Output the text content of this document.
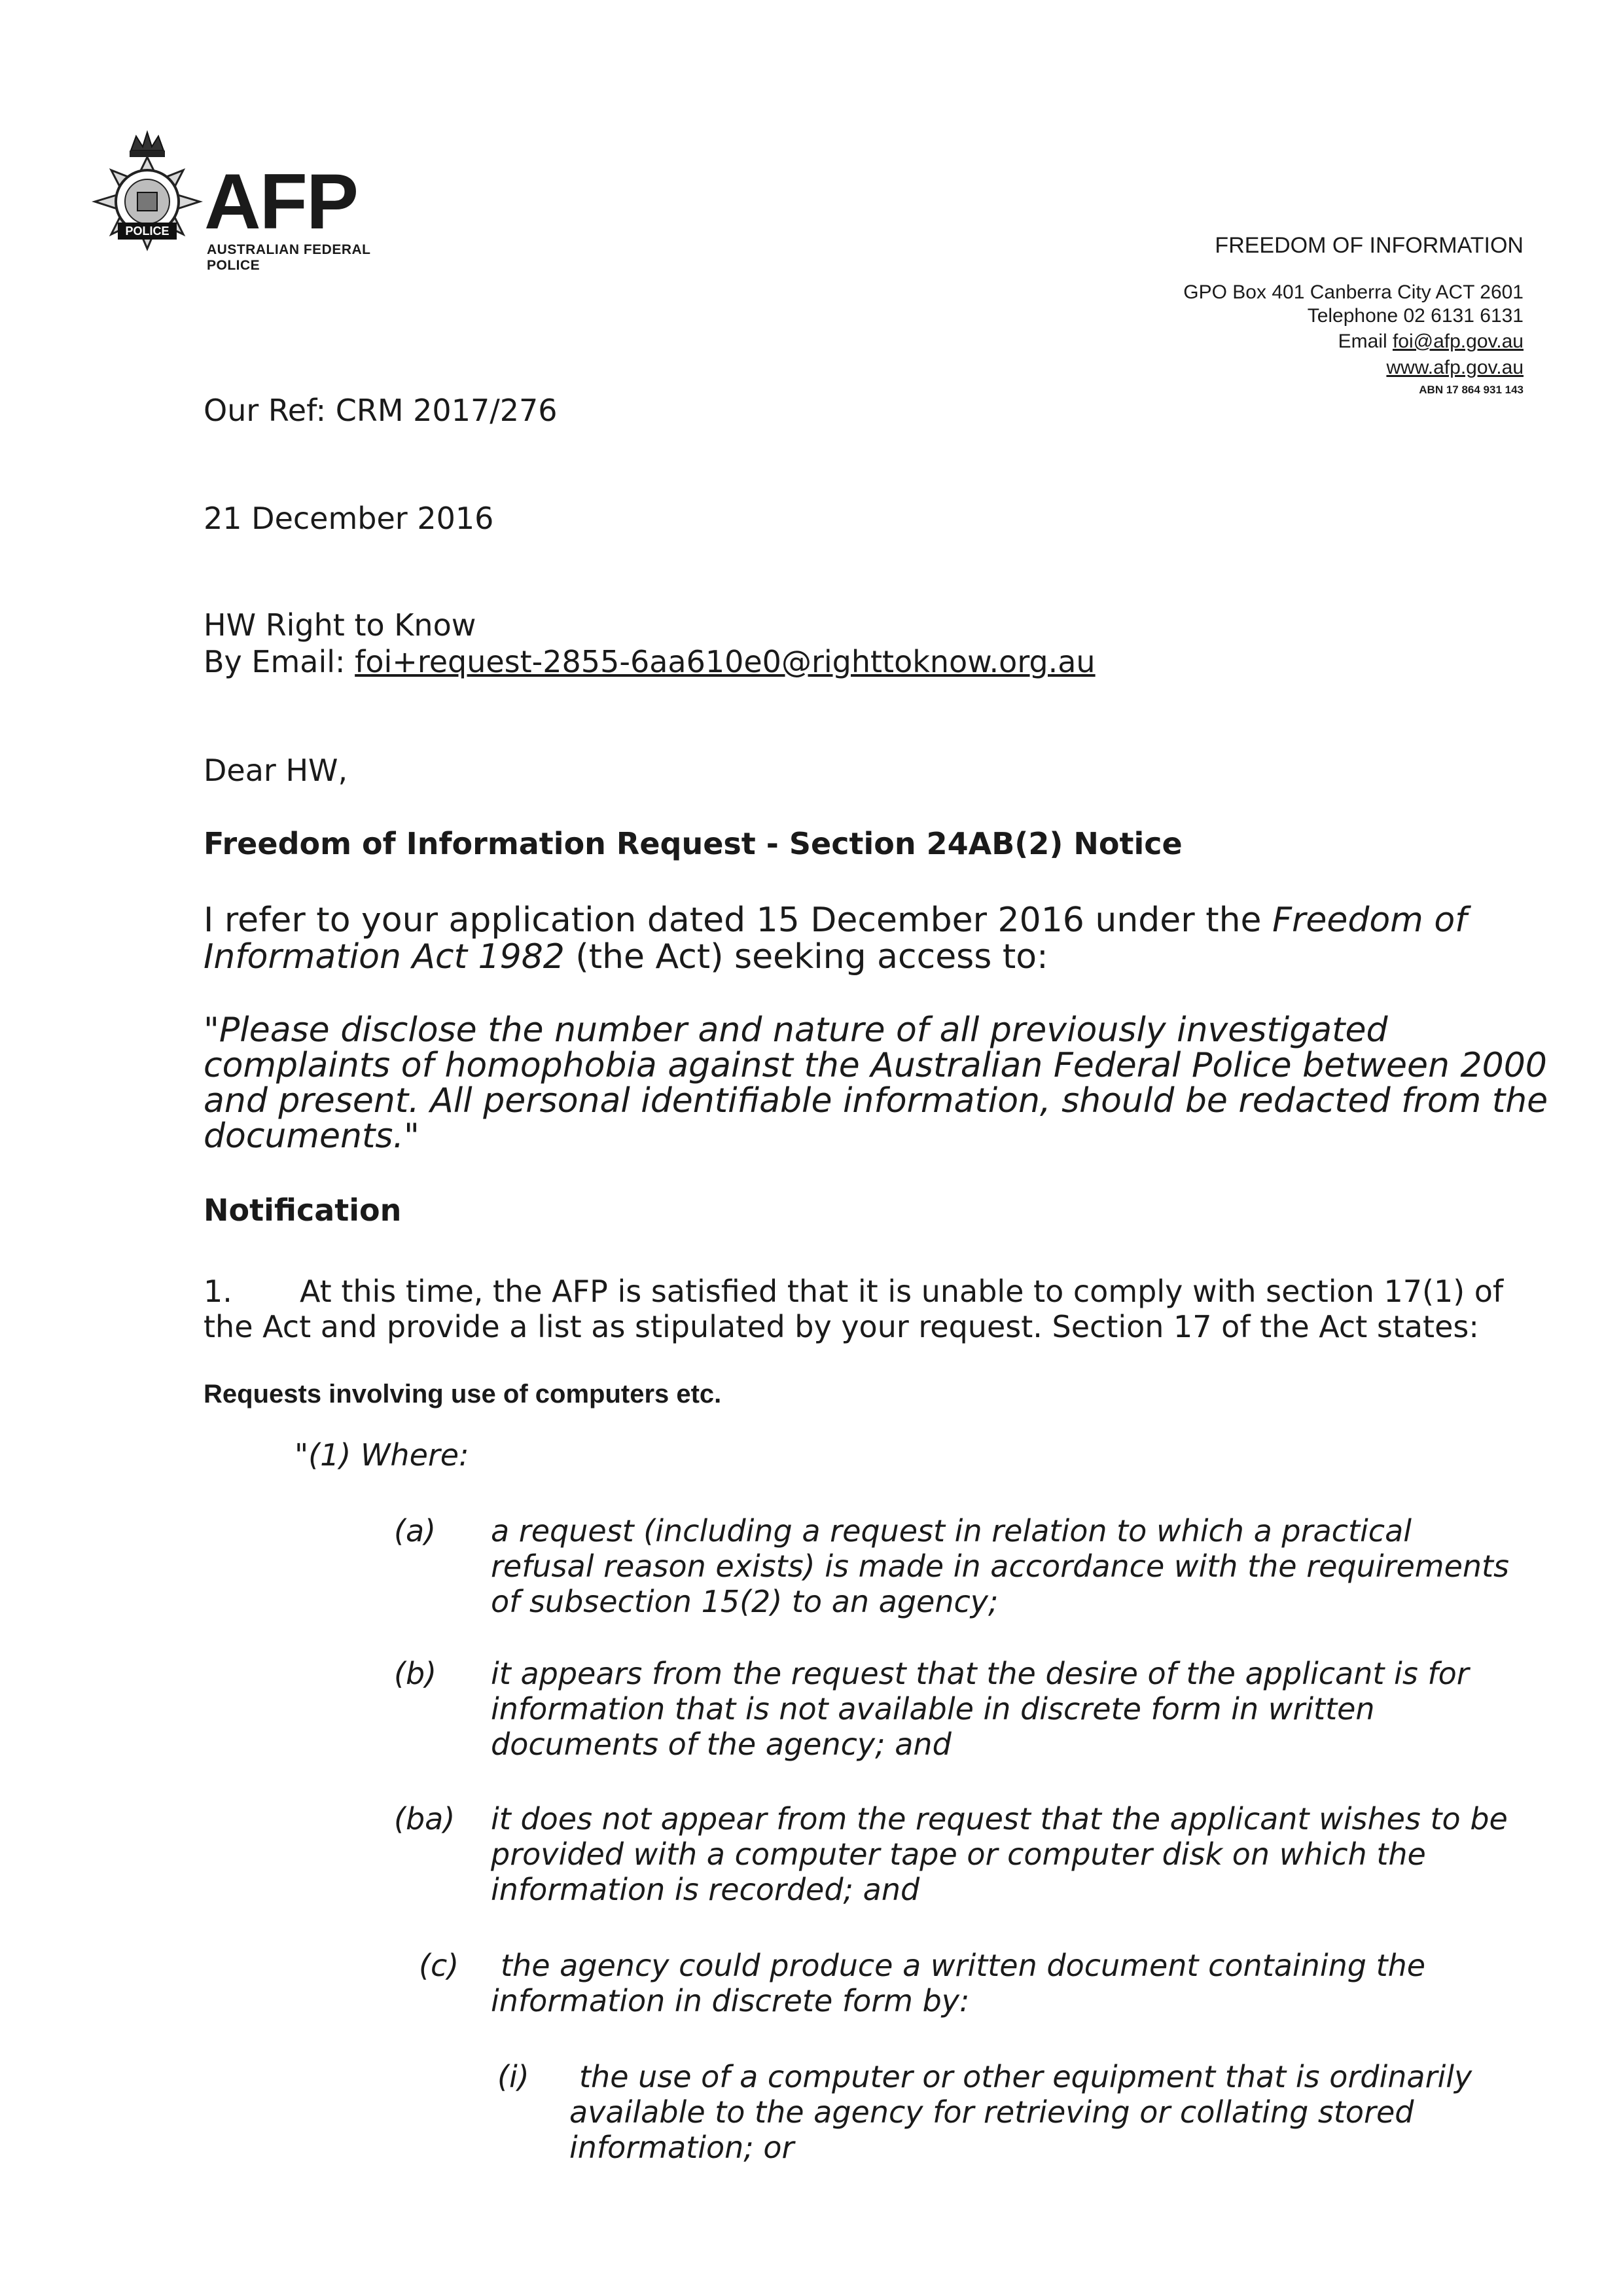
POLICE AFP
AUSTRALIAN FEDERAL POLICE
FREEDOM OF INFORMATION
GPO Box 401 Canberra City ACT 2601
Telephone 02 6131 6131
Email foi@afp.gov.au
www.afp.gov.au
ABN 17 864 931 143
Our Ref: CRM 2017/276
21 December 2016
HW Right to Know
By Email: foi+request-2855-6aa610e0@righttoknow.org.au
Dear HW,
Freedom of Information Request - Section 24AB(2) Notice
I refer to your application dated 15 December 2016 under the Freedom of
Information Act 1982 (the Act) seeking access to:
"Please disclose the number and nature of all previously investigated
complaints of homophobia against the Australian Federal Police between 2000
and present. All personal identifiable information, should be redacted from the
documents."
Notification
1. At this time, the AFP is satisfied that it is unable to comply with section 17(1) of
the Act and provide a list as stipulated by your request. Section 17 of the Act states:
Requests involving use of computers etc.
"(1) Where:
(a) a request (including a request in relation to which a practical
refusal reason exists) is made in accordance with the requirements
of subsection 15(2) to an agency;
(b) it appears from the request that the desire of the applicant is for
information that is not available in discrete form in written
documents of the agency; and
(ba) it does not appear from the request that the applicant wishes to be
provided with a computer tape or computer disk on which the
information is recorded; and
(c) the agency could produce a written document containing the
information in discrete form by:
(i) the use of a computer or other equipment that is ordinarily
available to the agency for retrieving or collating stored
information; or
